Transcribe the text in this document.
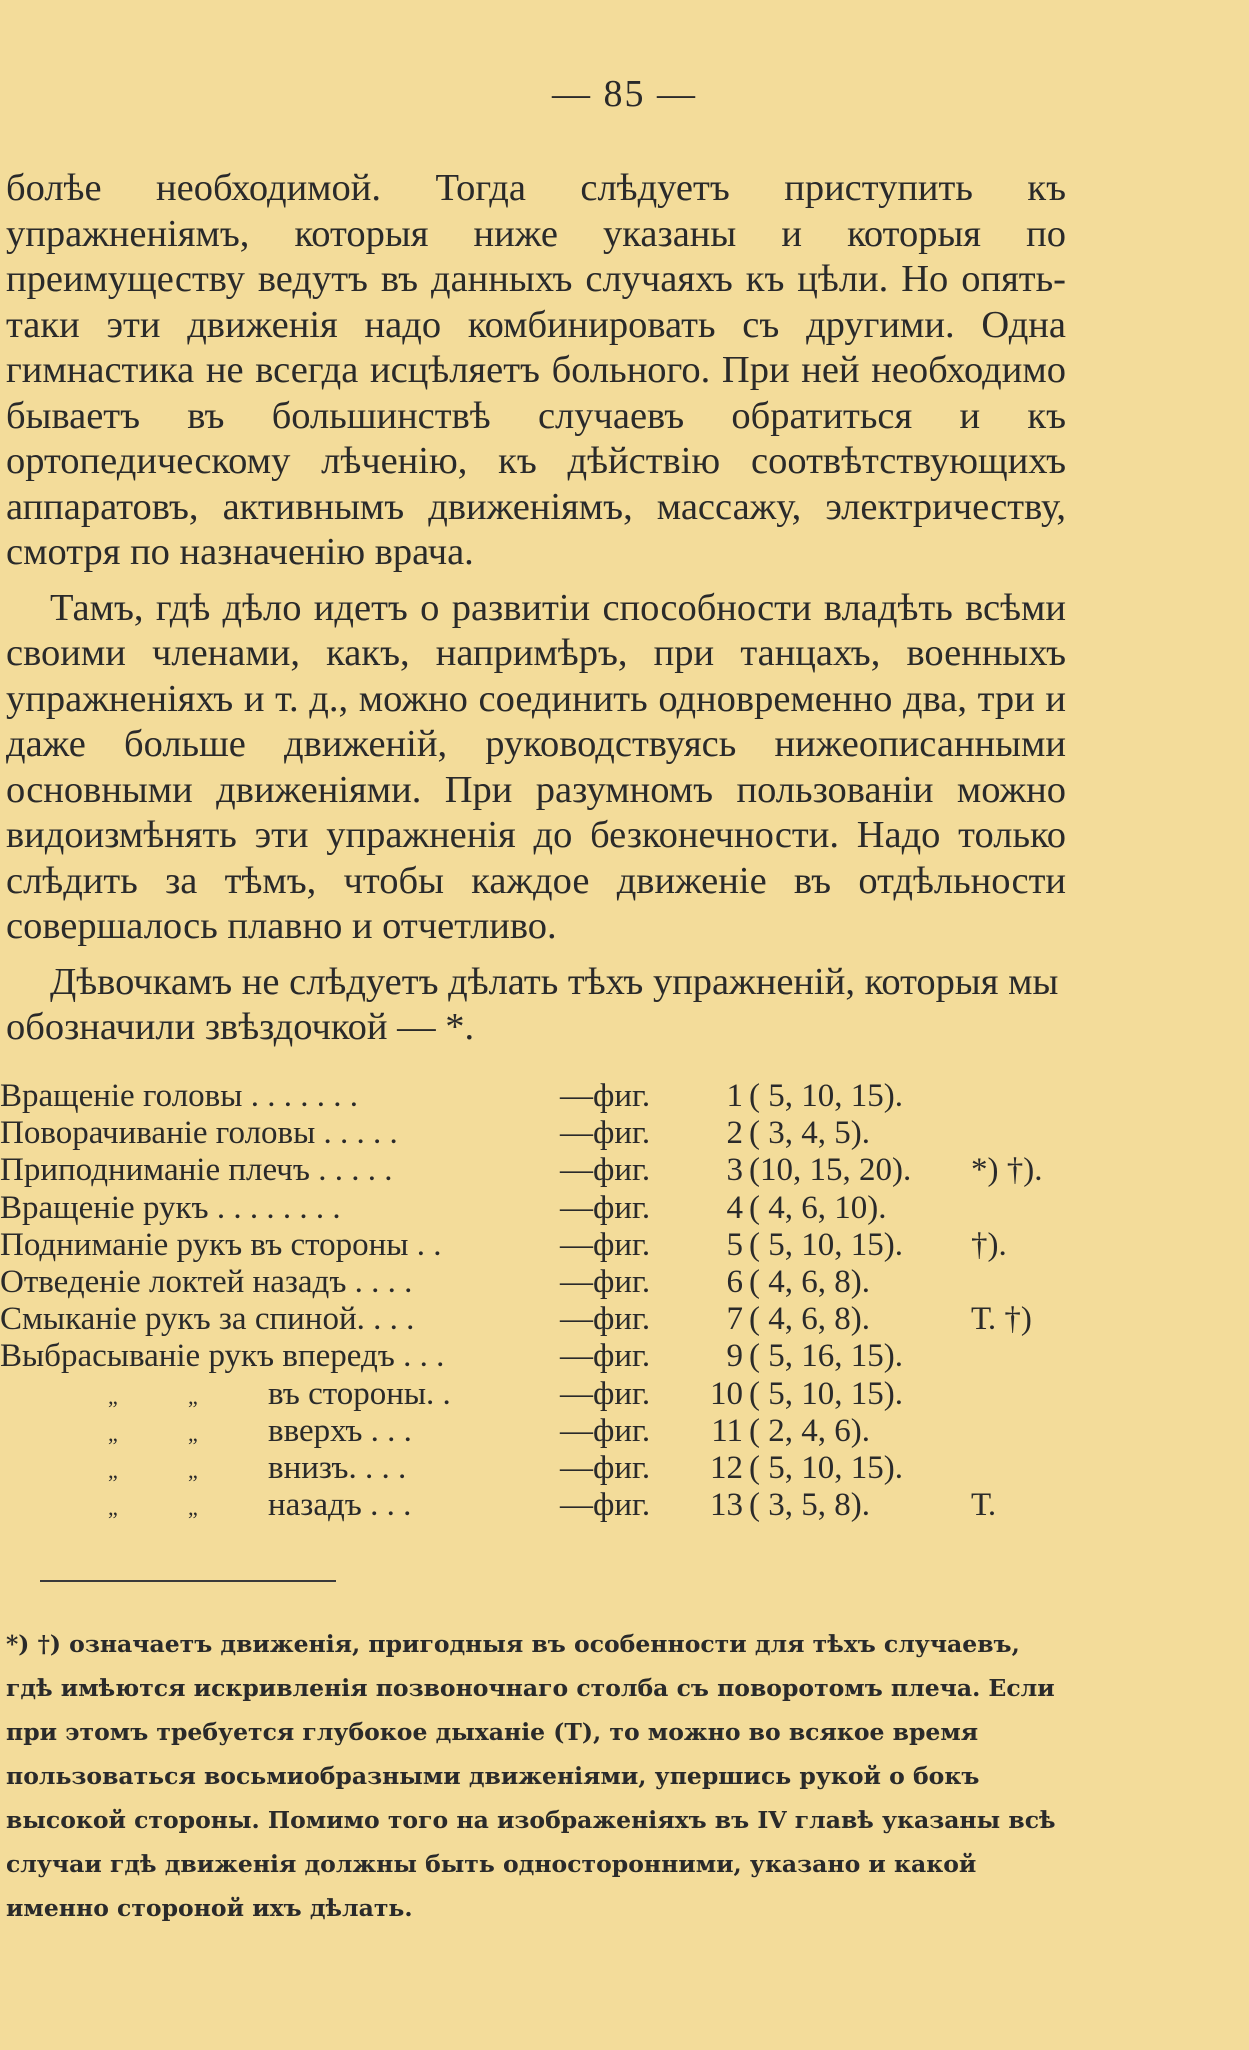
— 85 —

болѣе необходимой. Тогда слѣдуетъ приступить къ упражненіямъ, которыя ниже указаны и которыя по преимуществу ведутъ въ данныхъ случаяхъ къ цѣли. Но опять-таки эти движенія надо комбинировать съ другими. Одна гимнастика не всегда исцѣляетъ больного. При ней необходимо бываетъ въ большинствѣ случаевъ обратиться и къ ортопедическому лѣченію, къ дѣйствію соотвѣтствующихъ аппаратовъ, активнымъ движеніямъ, массажу, электричеству, смотря по назначенію врача.

Тамъ, гдѣ дѣло идетъ о развитіи способности владѣть всѣми своими членами, какъ, напримѣръ, при танцахъ, военныхъ упражненіяхъ и т. д., можно соединить одновременно два, три и даже больше движеній, руководствуясь нижеописанными основными движеніями. При разумномъ пользованіи можно видоизмѣнять эти упражненія до безконечности. Надо только слѣдить за тѣмъ, чтобы каждое движеніе въ отдѣльности совершалось плавно и отчетливо.

Дѣвочкамъ не слѣдуетъ дѣлать тѣхъ упражненій, которыя мы обозначили звѣздочкой — *.

Вращеніе головы . . . . . . .	—фиг.	1	( 5, 10, 15).	
Поворачиваніе головы . . . . .	—фиг.	2	( 3, 4, 5).	
Приподниманіе плечъ . . . . .	—фиг.	3	(10, 15, 20).	*) †).
Вращеніе рукъ . . . . . . . .	—фиг.	4	( 4, 6, 10).	
Подниманіе рукъ въ стороны . .	—фиг.	5	( 5, 10, 15).	†).
Отведеніе локтей назадъ . . . .	—фиг.	6	( 4, 6, 8).	
Смыканіе рукъ за спиной. . . .	—фиг.	7	( 4, 6, 8).	Т. †)
Выбрасываніе рукъ впередъ . . .	—фиг.	9	( 5, 16, 15).	
„ „ въ стороны. .	—фиг.	10	( 5, 10, 15).	
„ „ вверхъ . . .	—фиг.	11	( 2, 4, 6).	
„ „ внизъ. . . .	—фиг.	12	( 5, 10, 15).	
„ „ назадъ . . .	—фиг.	13	( 3, 5, 8).	Т.

*) †) означаетъ движенія, пригодныя въ особенности для тѣхъ случаевъ, гдѣ имѣются искривленія позвоночнаго столба съ поворотомъ плеча. Если при этомъ требуется глубокое дыханіе (Т), то можно во всякое время пользоваться восьмиобразными движеніями, упершись рукой о бокъ высокой стороны. Помимо того на изображеніяхъ въ IV главѣ указаны всѣ случаи гдѣ движенія должны быть односторонними, указано и какой именно стороной ихъ дѣлать.
